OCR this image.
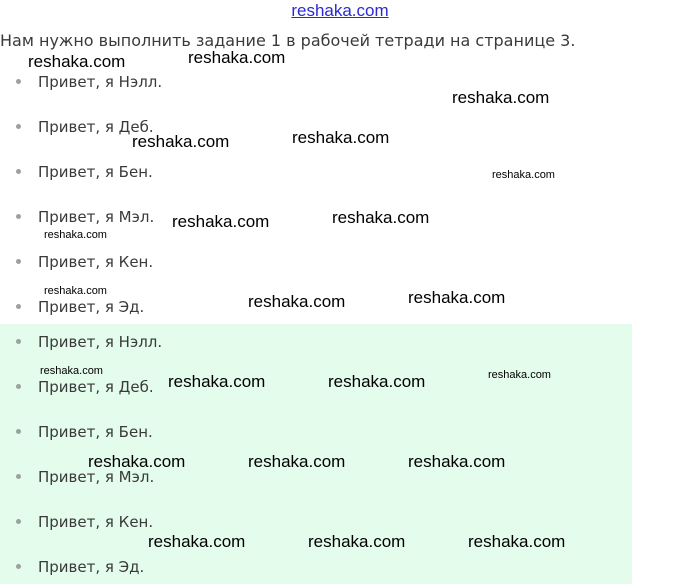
reshaka.com
Нам нужно выполнить задание 1 в рабочей тетради на странице 3.
Привет, я Нэлл.
Привет, я Деб.
Привет, я Бен.
Привет, я Мэл.
Привет, я Кен.
Привет, я Эд.
Привет, я Нэлл.
Привет, я Деб.
Привет, я Бен.
Привет, я Мэл.
Привет, я Кен.
Привет, я Эд.
reshaka.com	reshaka.com
reshaka.com
reshaka.com	reshaka.com
reshaka.com
reshaka.com	reshaka.com
reshaka.com
reshaka.com
reshaka.com	reshaka.com
reshaka.com
reshaka.com	reshaka.com	reshaka.com
reshaka.com	reshaka.com	reshaka.com
reshaka.com	reshaka.com	reshaka.com
